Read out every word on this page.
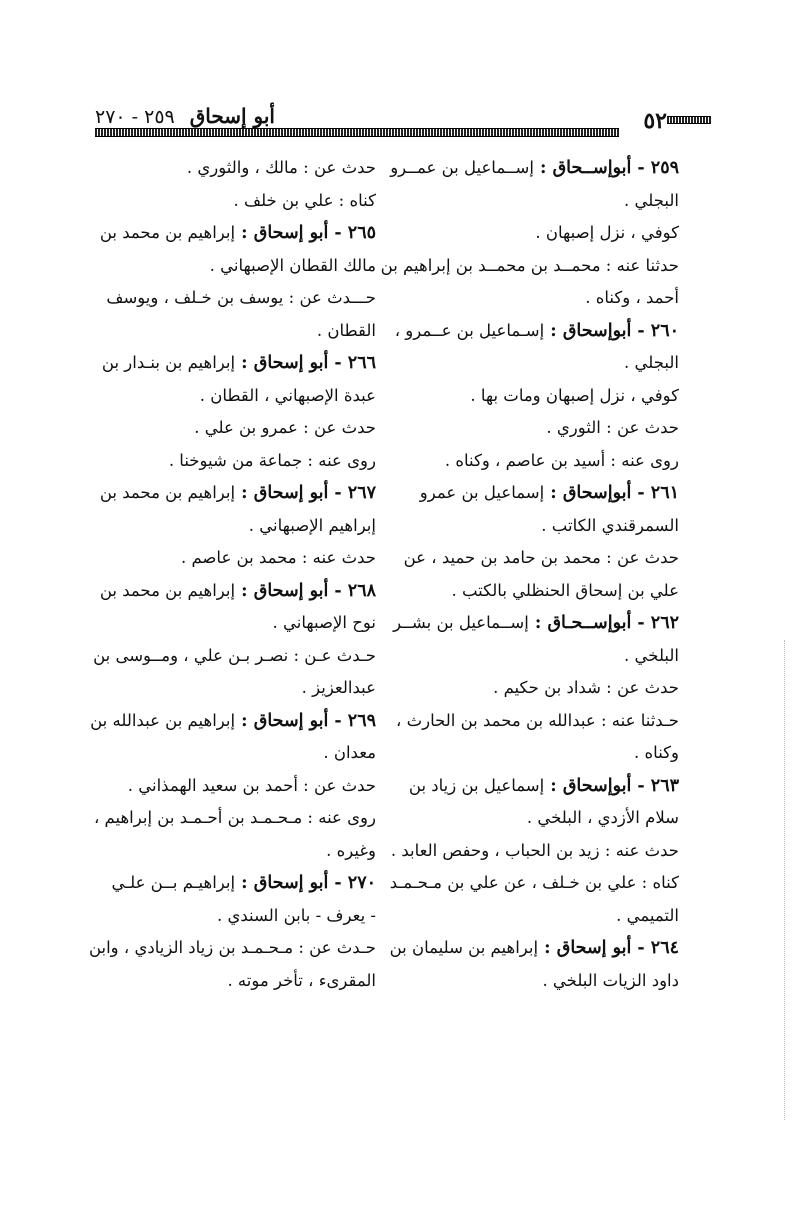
أبو إسحاق ٢٥٩ - ٢٧٠	٥٢
٢٥٩ - أبوإســحاق : إســماعيل بن عمــرو
البجلي .
كوفي ، نزل إصبهان .
حدثنا عنه : محمــد بن محمــد بن إبراهيم بن
أحمد ، وكناه .
٢٦٠ - أبوإسحاق : إسـماعيل بن عــمرو ،
البجلي .
كوفي ، نزل إصبهان ومات بها .
حدث عن : الثوري .
روى عنه : أسيد بن عاصم ، وكناه .
٢٦١ - أبوإسحاق : إسماعيل بن عمرو
السمرقندي الكاتب .
حدث عن : محمد بن حامد بن حميد ، عن
علي بن إسحاق الحنظلي بالكتب .
٢٦٢ - أبوإســحـاق : إســماعيل بن بشــر
البلخي .
حدث عن : شداد بن حكيم .
حـدثنا عنه : عبدالله بن محمد بن الحارث ،
وكناه .
٢٦٣ - أبوإسحاق : إسماعيل بن زياد بن
سلام الأزدي ، البلخي .
حدث عنه : زيد بن الحباب ، وحفص العابد .
كناه : علي بن خـلف ، عن علي بن مـحـمـد
التميمي .
٢٦٤ - أبو إسحاق : إبراهيم بن سليمان بن
داود الزيات البلخي .
حدث عن : مالك ، والثوري .
كناه : علي بن خلف .
٢٦٥ - أبو إسحاق : إبراهيم بن محمد بن
مالك القطان الإصبهاني .
حـــدث عن : يوسف بن خـلف ، ويوسف
القطان .
٢٦٦ - أبو إسحاق : إبراهيم بن بنـدار بن
عبدة الإصبهاني ، القطان .
حدث عن : عمرو بن علي .
روى عنه : جماعة من شيوخنا .
٢٦٧ - أبو إسحاق : إبراهيم بن محمد بن
إبراهيم الإصبهاني .
حدث عنه : محمد بن عاصم .
٢٦٨ - أبو إسحاق : إبراهيم بن محمد بن
نوح الإصبهاني .
حـدث عـن : نصـر بـن علي ، ومــوسى بن
عبدالعزيز .
٢٦٩ - أبو إسحاق : إبراهيم بن عبدالله بن
معدان .
حدث عن : أحمد بن سعيد الهمذاني .
روى عنه : مـحـمـد بن أحـمـد بن إبراهيم ،
وغيره .
٢٧٠ - أبو إسحاق : إبراهيـم بــن علـي
- يعرف - بابن السندي .
حـدث عن : مـحـمـد بن زياد الزيادي ، وابن
المقرىء ، تأخر موته .
